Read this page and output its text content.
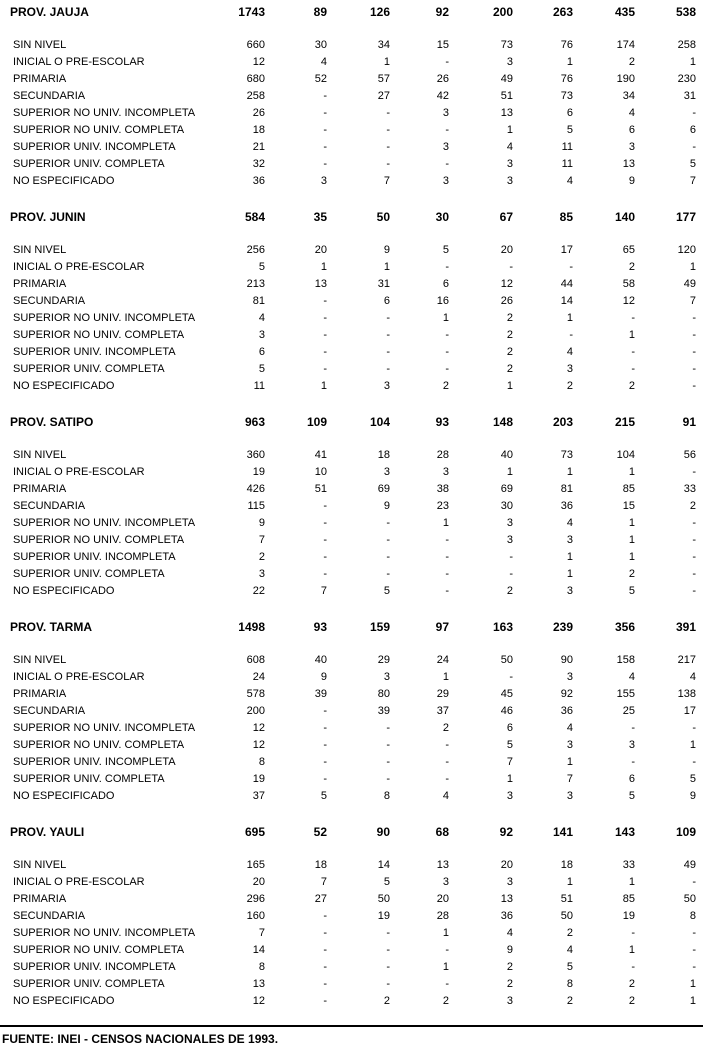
PROV. JAUJA	1743	89	126	92	200	263	435	538
SIN NIVEL	660	30	34	15	73	76	174	258
INICIAL O PRE-ESCOLAR	12	4	1	-	3	1	2	1
PRIMARIA	680	52	57	26	49	76	190	230
SECUNDARIA	258	-	27	42	51	73	34	31
SUPERIOR NO UNIV. INCOMPLETA	26	-	-	3	13	6	4	-
SUPERIOR NO UNIV. COMPLETA	18	-	-	-	1	5	6	6
SUPERIOR UNIV. INCOMPLETA	21	-	-	3	4	11	3	-
SUPERIOR UNIV. COMPLETA	32	-	-	-	3	11	13	5
NO ESPECIFICADO	36	3	7	3	3	4	9	7
PROV. JUNIN	584	35	50	30	67	85	140	177
SIN NIVEL	256	20	9	5	20	17	65	120
INICIAL O PRE-ESCOLAR	5	1	1	-	-	-	2	1
PRIMARIA	213	13	31	6	12	44	58	49
SECUNDARIA	81	-	6	16	26	14	12	7
SUPERIOR NO UNIV. INCOMPLETA	4	-	-	1	2	1	-	-
SUPERIOR NO UNIV. COMPLETA	3	-	-	-	2	-	1	-
SUPERIOR UNIV. INCOMPLETA	6	-	-	-	2	4	-	-
SUPERIOR UNIV. COMPLETA	5	-	-	-	2	3	-	-
NO ESPECIFICADO	11	1	3	2	1	2	2	-
PROV. SATIPO	963	109	104	93	148	203	215	91
SIN NIVEL	360	41	18	28	40	73	104	56
INICIAL O PRE-ESCOLAR	19	10	3	3	1	1	1	-
PRIMARIA	426	51	69	38	69	81	85	33
SECUNDARIA	115	-	9	23	30	36	15	2
SUPERIOR NO UNIV. INCOMPLETA	9	-	-	1	3	4	1	-
SUPERIOR NO UNIV. COMPLETA	7	-	-	-	3	3	1	-
SUPERIOR UNIV. INCOMPLETA	2	-	-	-	-	1	1	-
SUPERIOR UNIV. COMPLETA	3	-	-	-	-	1	2	-
NO ESPECIFICADO	22	7	5	-	2	3	5	-
PROV. TARMA	1498	93	159	97	163	239	356	391
SIN NIVEL	608	40	29	24	50	90	158	217
INICIAL O PRE-ESCOLAR	24	9	3	1	-	3	4	4
PRIMARIA	578	39	80	29	45	92	155	138
SECUNDARIA	200	-	39	37	46	36	25	17
SUPERIOR NO UNIV. INCOMPLETA	12	-	-	2	6	4	-	-
SUPERIOR NO UNIV. COMPLETA	12	-	-	-	5	3	3	1
SUPERIOR UNIV. INCOMPLETA	8	-	-	-	7	1	-	-
SUPERIOR UNIV. COMPLETA	19	-	-	-	1	7	6	5
NO ESPECIFICADO	37	5	8	4	3	3	5	9
PROV. YAULI	695	52	90	68	92	141	143	109
SIN NIVEL	165	18	14	13	20	18	33	49
INICIAL O PRE-ESCOLAR	20	7	5	3	3	1	1	-
PRIMARIA	296	27	50	20	13	51	85	50
SECUNDARIA	160	-	19	28	36	50	19	8
SUPERIOR NO UNIV. INCOMPLETA	7	-	-	1	4	2	-	-
SUPERIOR NO UNIV. COMPLETA	14	-	-	-	9	4	1	-
SUPERIOR UNIV. INCOMPLETA	8	-	-	1	2	5	-	-
SUPERIOR UNIV. COMPLETA	13	-	-	-	2	8	2	1
NO ESPECIFICADO	12	-	2	2	3	2	2	1
FUENTE: INEI - CENSOS NACIONALES DE 1993.
